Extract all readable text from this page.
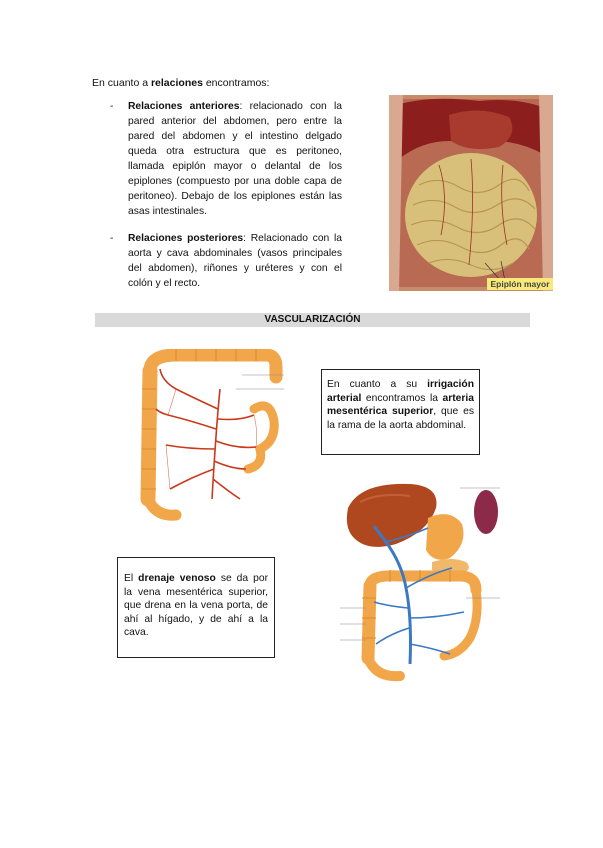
En cuanto a relaciones encontramos:
- Relaciones anteriores: relacionado con la pared anterior del abdomen, pero entre la pared del abdomen y el intestino delgado queda otra estructura que es peritoneo, llamada epiplón mayor o delantal de los epiplones (compuesto por una doble capa de peritoneo). Debajo de los epiplones están las asas intestinales.
- Relaciones posteriores: Relacionado con la aorta y cava abdominales (vasos principales del abdomen), riñones y uréteres y con el colón y el recto.	Epiplón mayor
VASCULARIZACIÓN
En cuanto a su irrigación arterial encontramos la arteria mesentérica superior, que es la rama de la aorta abdominal.
El drenaje venoso se da por la vena mesentérica superior, que drena en la vena porta, de ahí al hígado, y de ahí a la cava.
